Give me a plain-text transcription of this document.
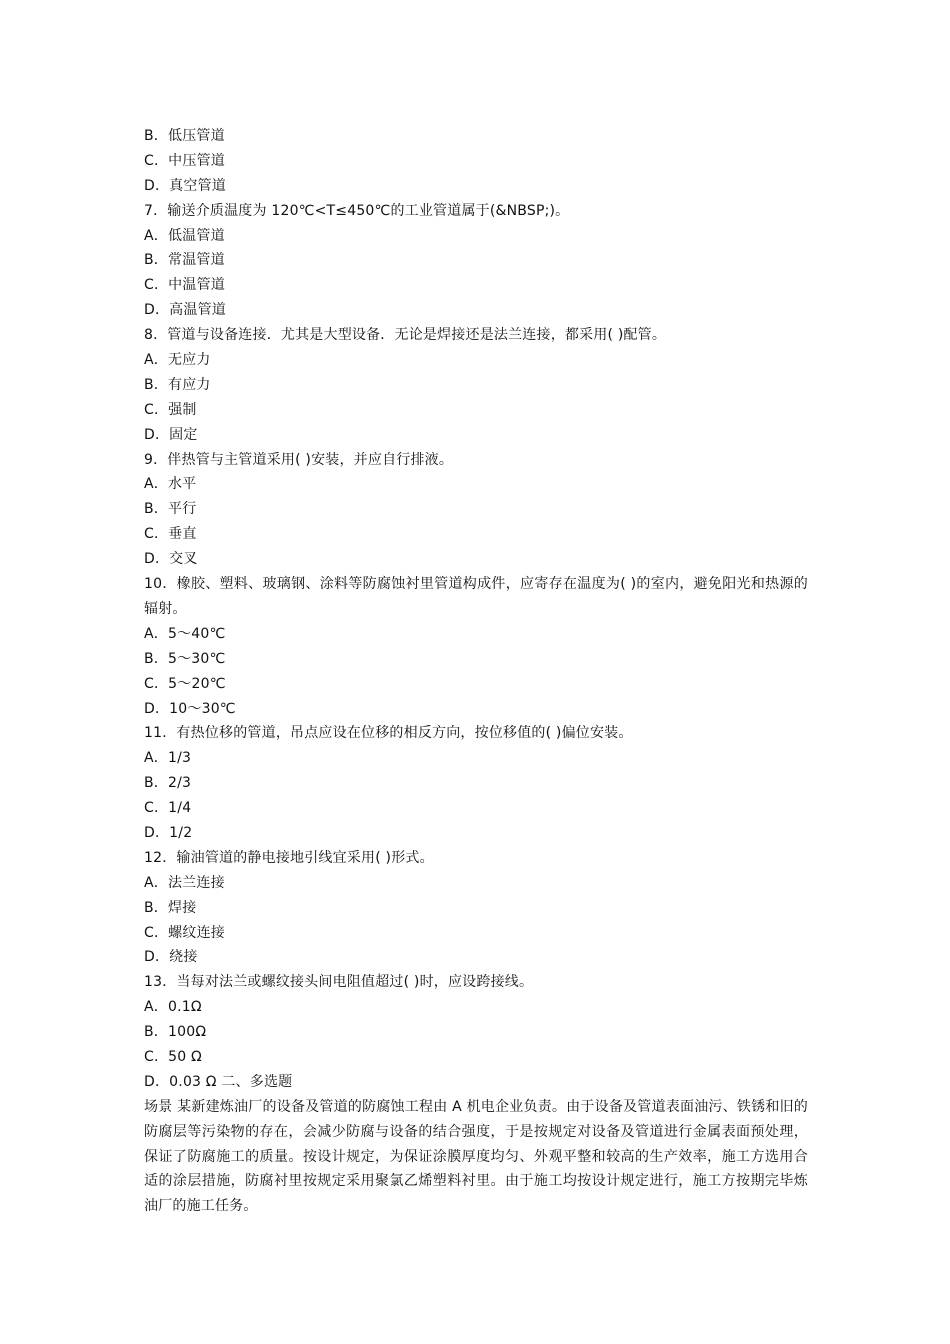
B．低压管道
C．中压管道
D．真空管道
7．输送介质温度为 120℃<T≤450℃的工业管道属于(&NBSP;)。
A．低温管道
B．常温管道
C．中温管道
D．高温管道
8．管道与设备连接．尤其是大型设备．无论是焊接还是法兰连接，都采用( )配管。
A．无应力
B．有应力
C．强制
D．固定
9．伴热管与主管道采用( )安装，并应自行排液。
A．水平
B．平行
C．垂直
D．交叉
10．橡胶、塑料、玻璃钢、涂料等防腐蚀衬里管道构成件，应寄存在温度为( )的室内，避免阳光和热源的辐射。
A．5～40℃
B．5～30℃
C．5～20℃
D．10～30℃
11．有热位移的管道，吊点应设在位移的相反方向，按位移值的( )偏位安装。
A．1/3
B．2/3
C．1/4
D．1/2
12．输油管道的静电接地引线宜采用( )形式。
A．法兰连接
B．焊接
C．螺纹连接
D．绕接
13．当每对法兰或螺纹接头间电阻值超过( )时，应设跨接线。
A．0.1Ω
B．100Ω
C．50 Ω
D．0.03 Ω 二、多选题
场景 某新建炼油厂的设备及管道的防腐蚀工程由 A 机电企业负责。由于设备及管道表面油污、铁锈和旧的防腐层等污染物的存在，会减少防腐与设备的结合强度，于是按规定对设备及管道进行金属表面预处理，保证了防腐施工的质量。按设计规定，为保证涂膜厚度均匀、外观平整和较高的生产效率，施工方选用合适的涂层措施，防腐衬里按规定采用聚氯乙烯塑料衬里。由于施工均按设计规定进行，施工方按期完毕炼油厂的施工任务。
